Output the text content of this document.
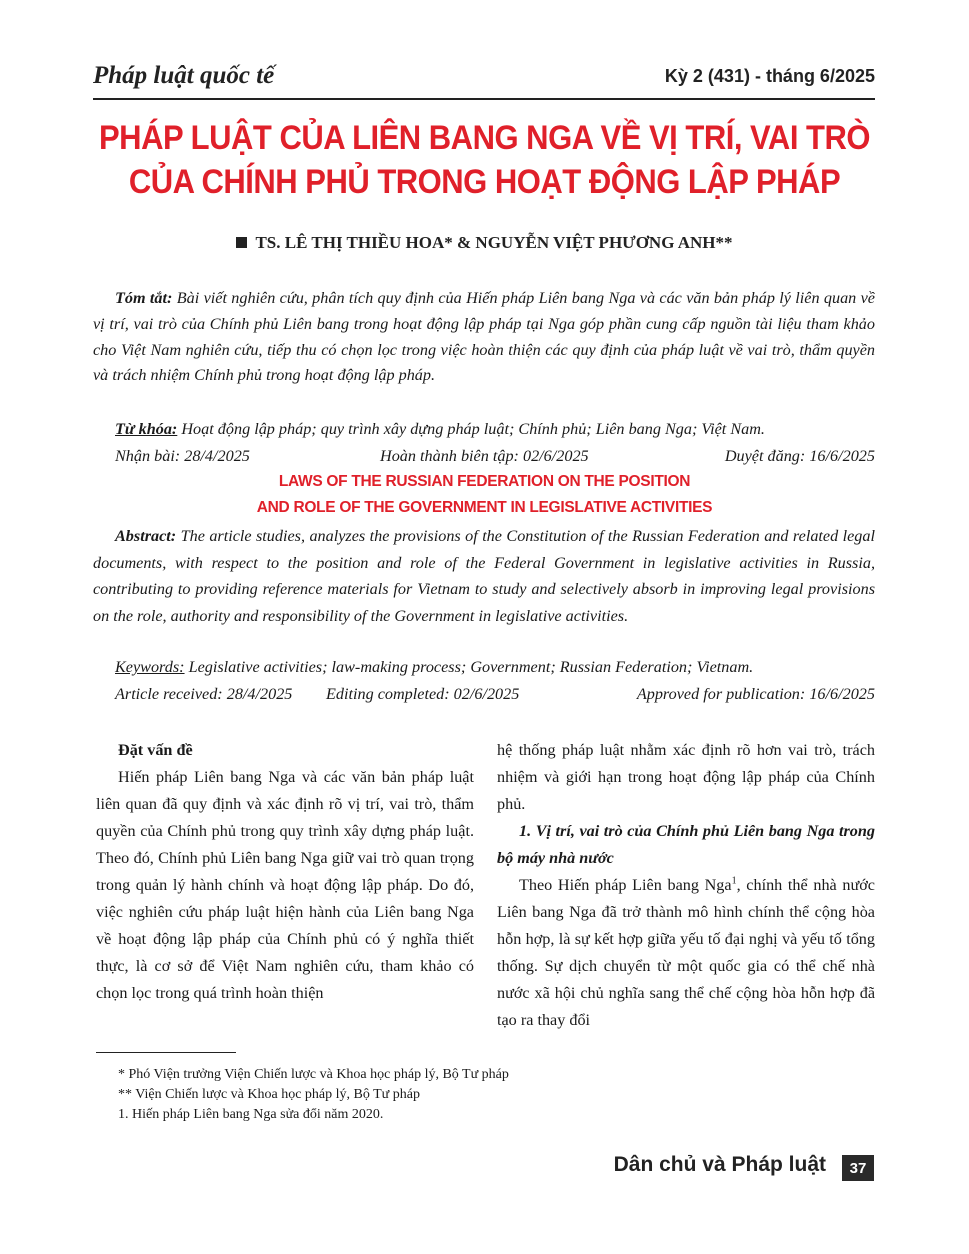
Pháp luật quốc tế	Kỳ 2 (431) - tháng 6/2025
PHÁP LUẬT CỦA LIÊN BANG NGA VỀ VỊ TRÍ, VAI TRÒ
CỦA CHÍNH PHỦ TRONG HOẠT ĐỘNG LẬP PHÁP
TS. LÊ THỊ THIỀU HOA* & NGUYỄN VIỆT PHƯƠNG ANH**
Tóm tắt: Bài viết nghiên cứu, phân tích quy định của Hiến pháp Liên bang Nga và các văn bản pháp lý liên quan về vị trí, vai trò của Chính phủ Liên bang trong hoạt động lập pháp tại Nga góp phần cung cấp nguồn tài liệu tham khảo cho Việt Nam nghiên cứu, tiếp thu có chọn lọc trong việc hoàn thiện các quy định của pháp luật về vai trò, thẩm quyền và trách nhiệm Chính phủ trong hoạt động lập pháp.
Từ khóa: Hoạt động lập pháp; quy trình xây dựng pháp luật; Chính phủ; Liên bang Nga; Việt Nam.
Nhận bài: 28/4/2025	Hoàn thành biên tập: 02/6/2025	Duyệt đăng: 16/6/2025
LAWS OF THE RUSSIAN FEDERATION ON THE POSITION
AND ROLE OF THE GOVERNMENT IN LEGISLATIVE ACTIVITIES
Abstract: The article studies, analyzes the provisions of the Constitution of the Russian Federation and related legal documents, with respect to the position and role of the Federal Government in legislative activities in Russia, contributing to providing reference materials for Vietnam to study and selectively absorb in improving legal provisions on the role, authority and responsibility of the Government in legislative activities.
Keywords: Legislative activities; law-making process; Government; Russian Federation; Vietnam.
Article received: 28/4/2025 Editing completed: 02/6/2025	Approved for publication: 16/6/2025
Đặt vấn đề

Hiến pháp Liên bang Nga và các văn bản pháp luật liên quan đã quy định và xác định rõ vị trí, vai trò, thẩm quyền của Chính phủ trong quy trình xây dựng pháp luật. Theo đó, Chính phủ Liên bang Nga giữ vai trò quan trọng trong quản lý hành chính và hoạt động lập pháp. Do đó, việc nghiên cứu pháp luật hiện hành của Liên bang Nga về hoạt động lập pháp của Chính phủ có ý nghĩa thiết thực, là cơ sở để Việt Nam nghiên cứu, tham khảo có chọn lọc trong quá trình hoàn thiện

hệ thống pháp luật nhằm xác định rõ hơn vai trò, trách nhiệm và giới hạn trong hoạt động lập pháp của Chính phủ.

1. Vị trí, vai trò của Chính phủ Liên bang Nga trong bộ máy nhà nước

Theo Hiến pháp Liên bang Nga$^1$, chính thể nhà nước Liên bang Nga đã trở thành mô hình chính thể cộng hòa hỗn hợp, là sự kết hợp giữa yếu tố đại nghị và yếu tố tổng thống. Sự dịch chuyển từ một quốc gia có thể chế nhà nước xã hội chủ nghĩa sang thể chế cộng hòa hỗn hợp đã tạo ra thay đổi

* Phó Viện trưởng Viện Chiến lược và Khoa học pháp lý, Bộ Tư pháp
** Viện Chiến lược và Khoa học pháp lý, Bộ Tư pháp
1. Hiến pháp Liên bang Nga sửa đổi năm 2020.
Dân chủ và Pháp luật	37
